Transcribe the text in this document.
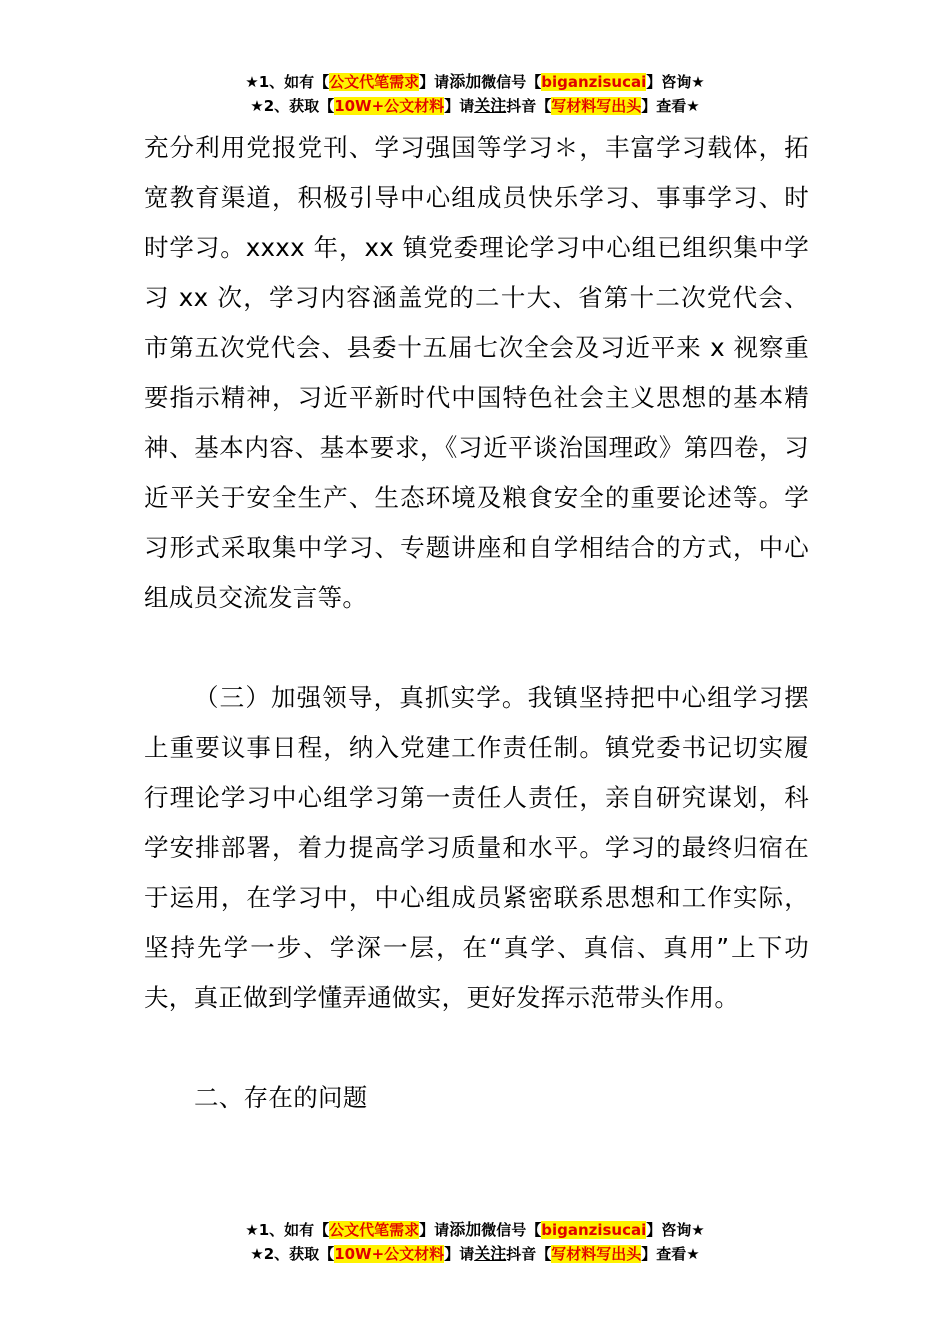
★1、如有【公文代笔需求】请添加微信号【biganzisucai】咨询★
★2、获取【10W+公文材料】请关注抖音【写材料写出头】查看★

充分利用党报党刊、学习强国等学习＊，丰富学习载体，拓宽教育渠道，积极引导中心组成员快乐学习、事事学习、时时学习。xxxx 年，xx 镇党委理论学习中心组已组织集中学习 xx 次，学习内容涵盖党的二十大、省第十二次党代会、市第五次党代会、县委十五届七次全会及习近平来 x 视察重要指示精神，习近平新时代中国特色社会主义思想的基本精神、基本内容、基本要求，《习近平谈治国理政》第四卷，习近平关于安全生产、生态环境及粮食安全的重要论述等。学习形式采取集中学习、专题讲座和自学相结合的方式，中心组成员交流发言等。

（三）加强领导，真抓实学。我镇坚持把中心组学习摆上重要议事日程，纳入党建工作责任制。镇党委书记切实履行理论学习中心组学习第一责任人责任，亲自研究谋划，科学安排部署，着力提高学习质量和水平。学习的最终归宿在于运用，在学习中，中心组成员紧密联系思想和工作实际，坚持先学一步、学深一层，在“真学、真信、真用”上下功夫，真正做到学懂弄通做实，更好发挥示范带头作用。

二、存在的问题

★1、如有【公文代笔需求】请添加微信号【biganzisucai】咨询★
★2、获取【10W+公文材料】请关注抖音【写材料写出头】查看★
